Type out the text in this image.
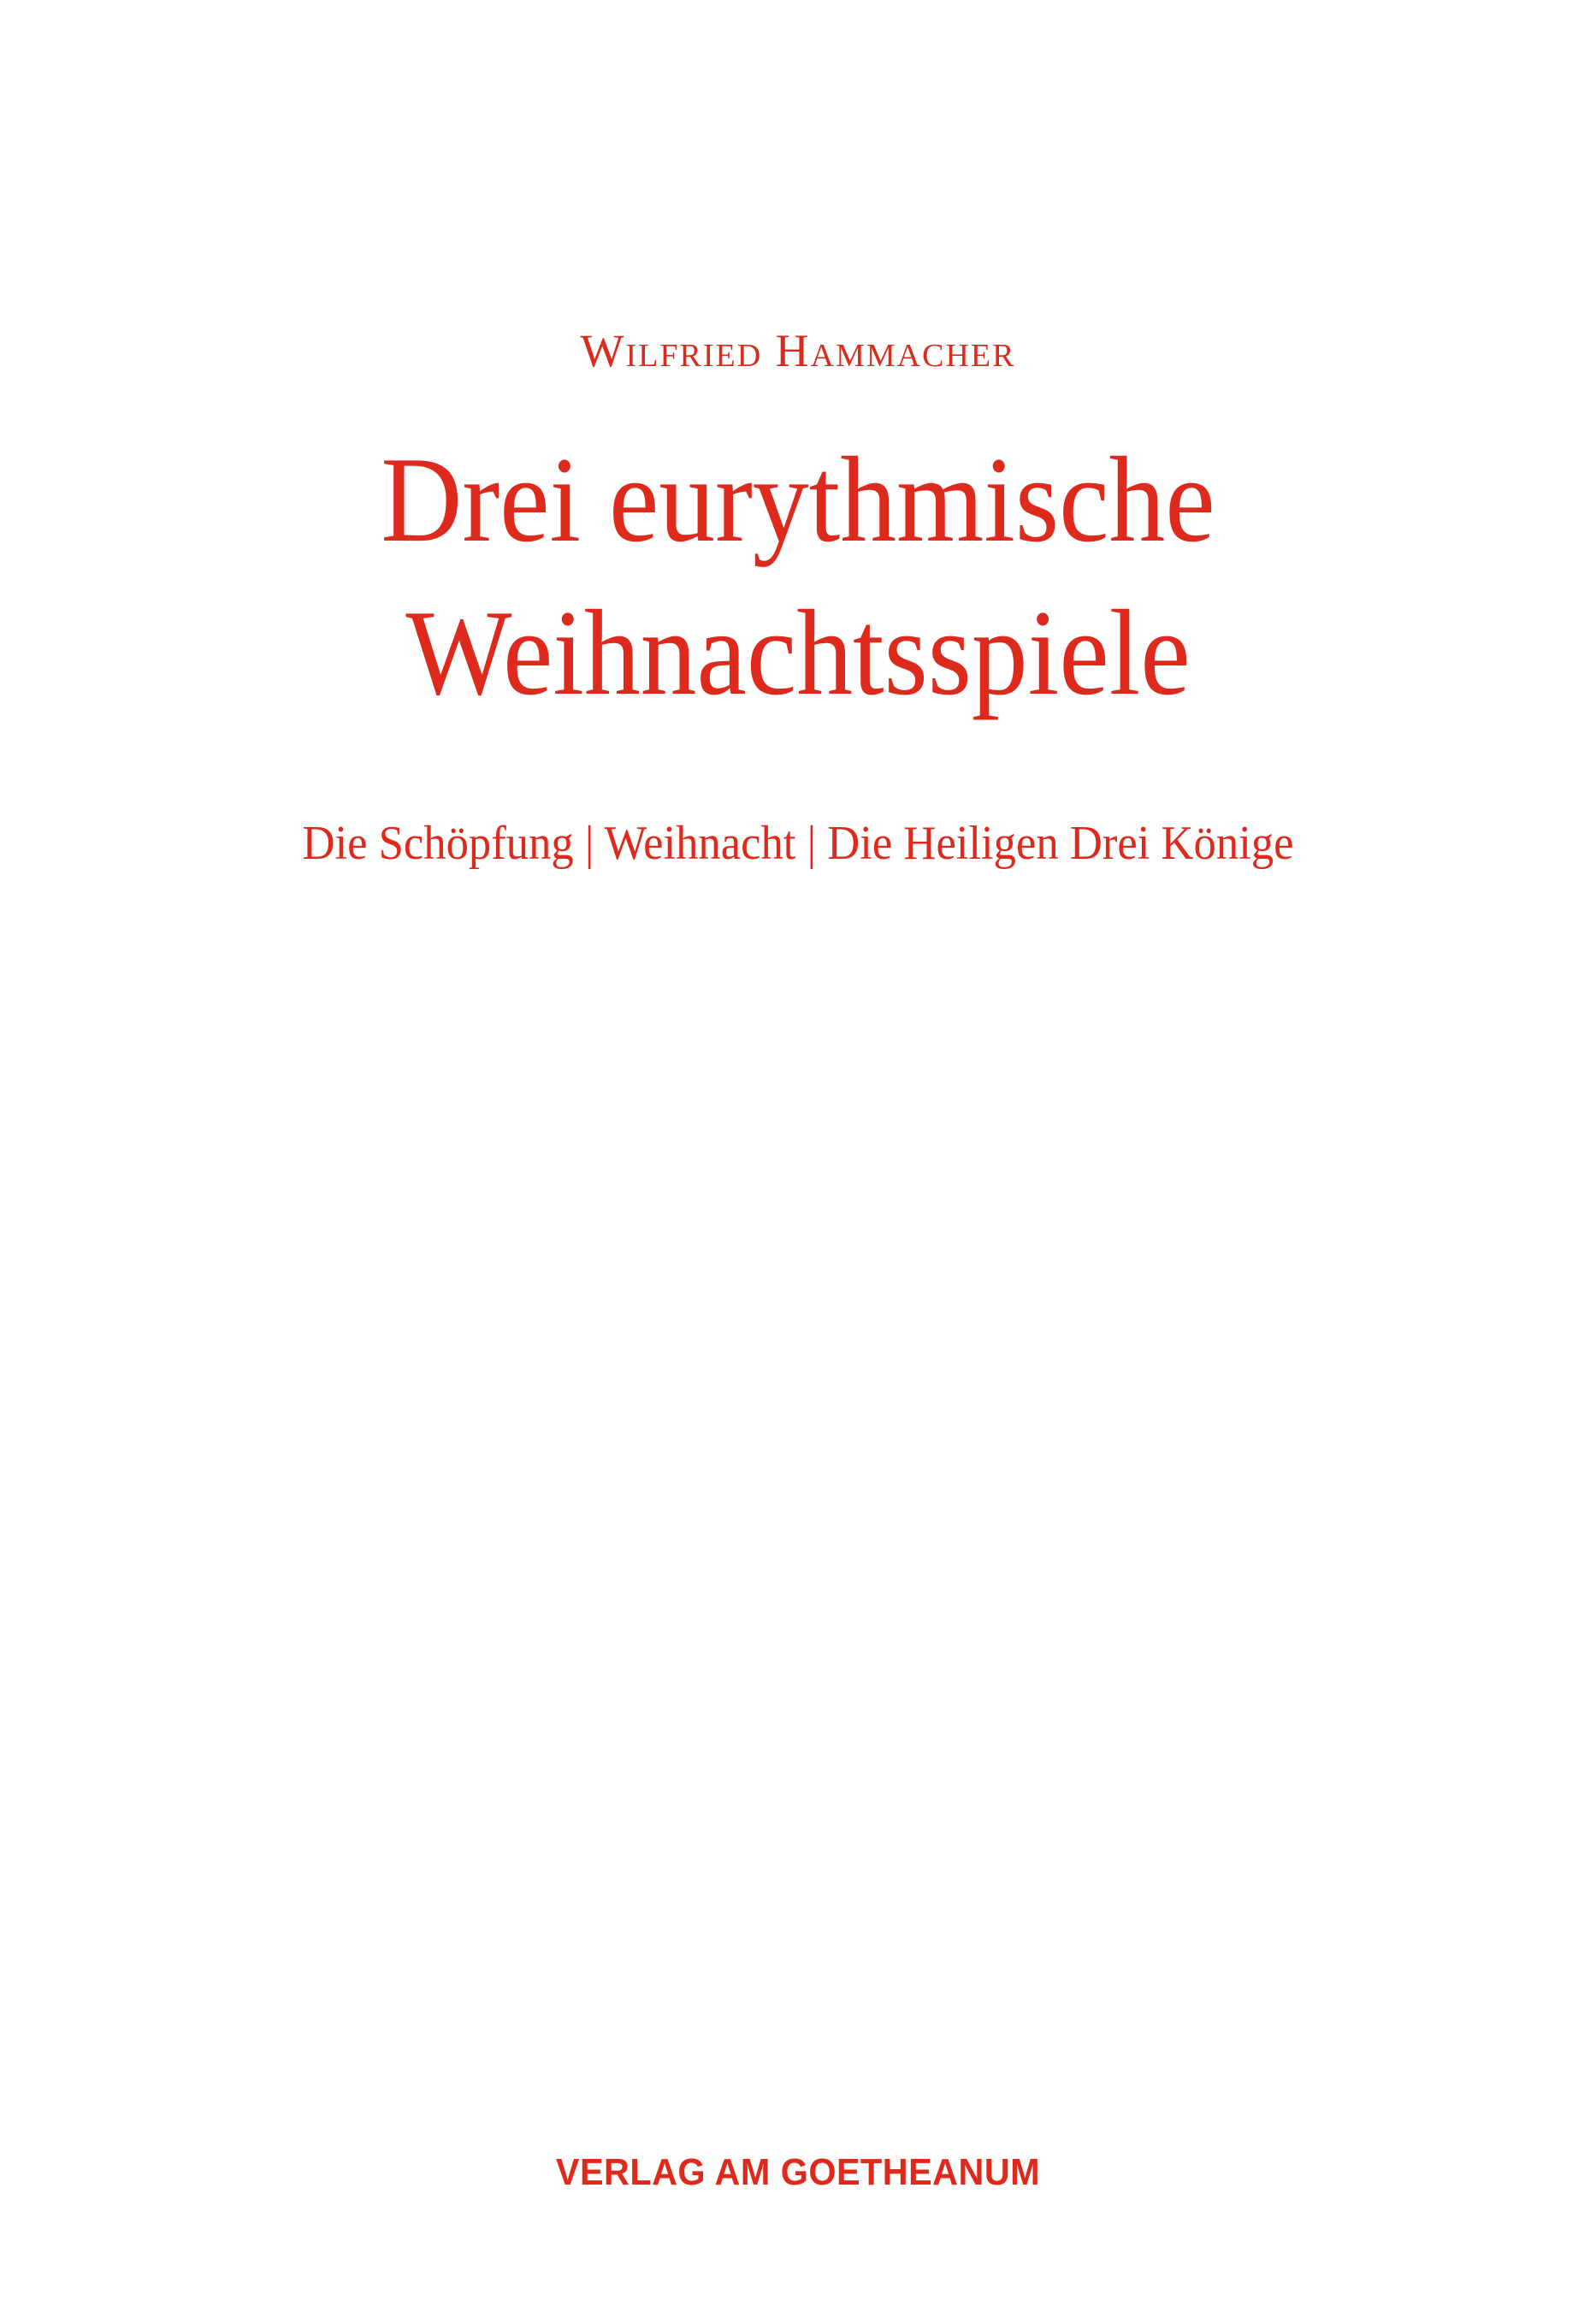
Wilfried Hammacher
Drei eurythmische
Weihnachtsspiele
Die Schöpfung | Weihnacht | Die Heiligen Drei Könige
VERLAG AM GOETHEANUM
